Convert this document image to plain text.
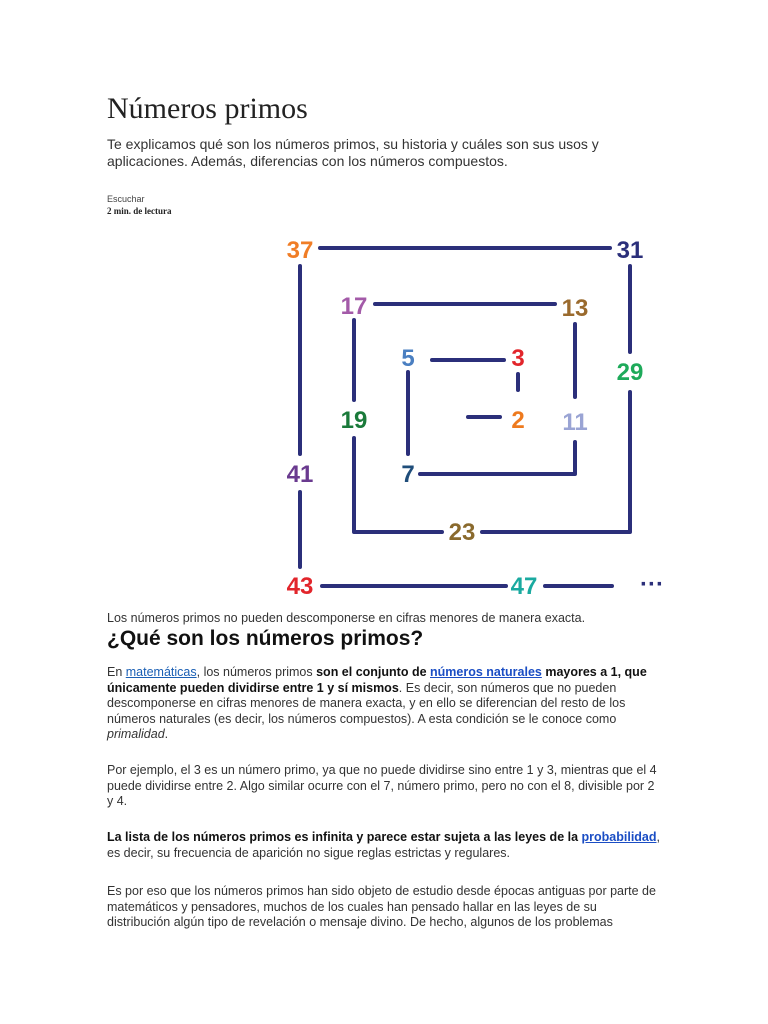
Números primos

Te explicamos qué son los números primos, su historia y cuáles son sus usos y aplicaciones. Además, diferencias con los números compuestos.

Escuchar
2 min. de lectura
37	31
17	13
5	3
29
19	2 11
41	7
23
43	47	···
Los números primos no pueden descomponerse en cifras menores de manera exacta.
¿Qué son los números primos?

En matemáticas, los números primos son el conjunto de números naturales mayores a 1, que únicamente pueden dividirse entre 1 y sí mismos. Es decir, son números que no pueden descomponerse en cifras menores de manera exacta, y en ello se diferencian del resto de los números naturales (es decir, los números compuestos). A esta condición se le conoce como primalidad.

Por ejemplo, el 3 es un número primo, ya que no puede dividirse sino entre 1 y 3, mientras que el 4 puede dividirse entre 2. Algo similar ocurre con el 7, número primo, pero no con el 8, divisible por 2 y 4.

La lista de los números primos es infinita y parece estar sujeta a las leyes de la probabilidad, es decir, su frecuencia de aparición no sigue reglas estrictas y regulares.

Es por eso que los números primos han sido objeto de estudio desde épocas antiguas por parte de matemáticos y pensadores, muchos de los cuales han pensado hallar en las leyes de su distribución algún tipo de revelación o mensaje divino. De hecho, algunos de los problemas
